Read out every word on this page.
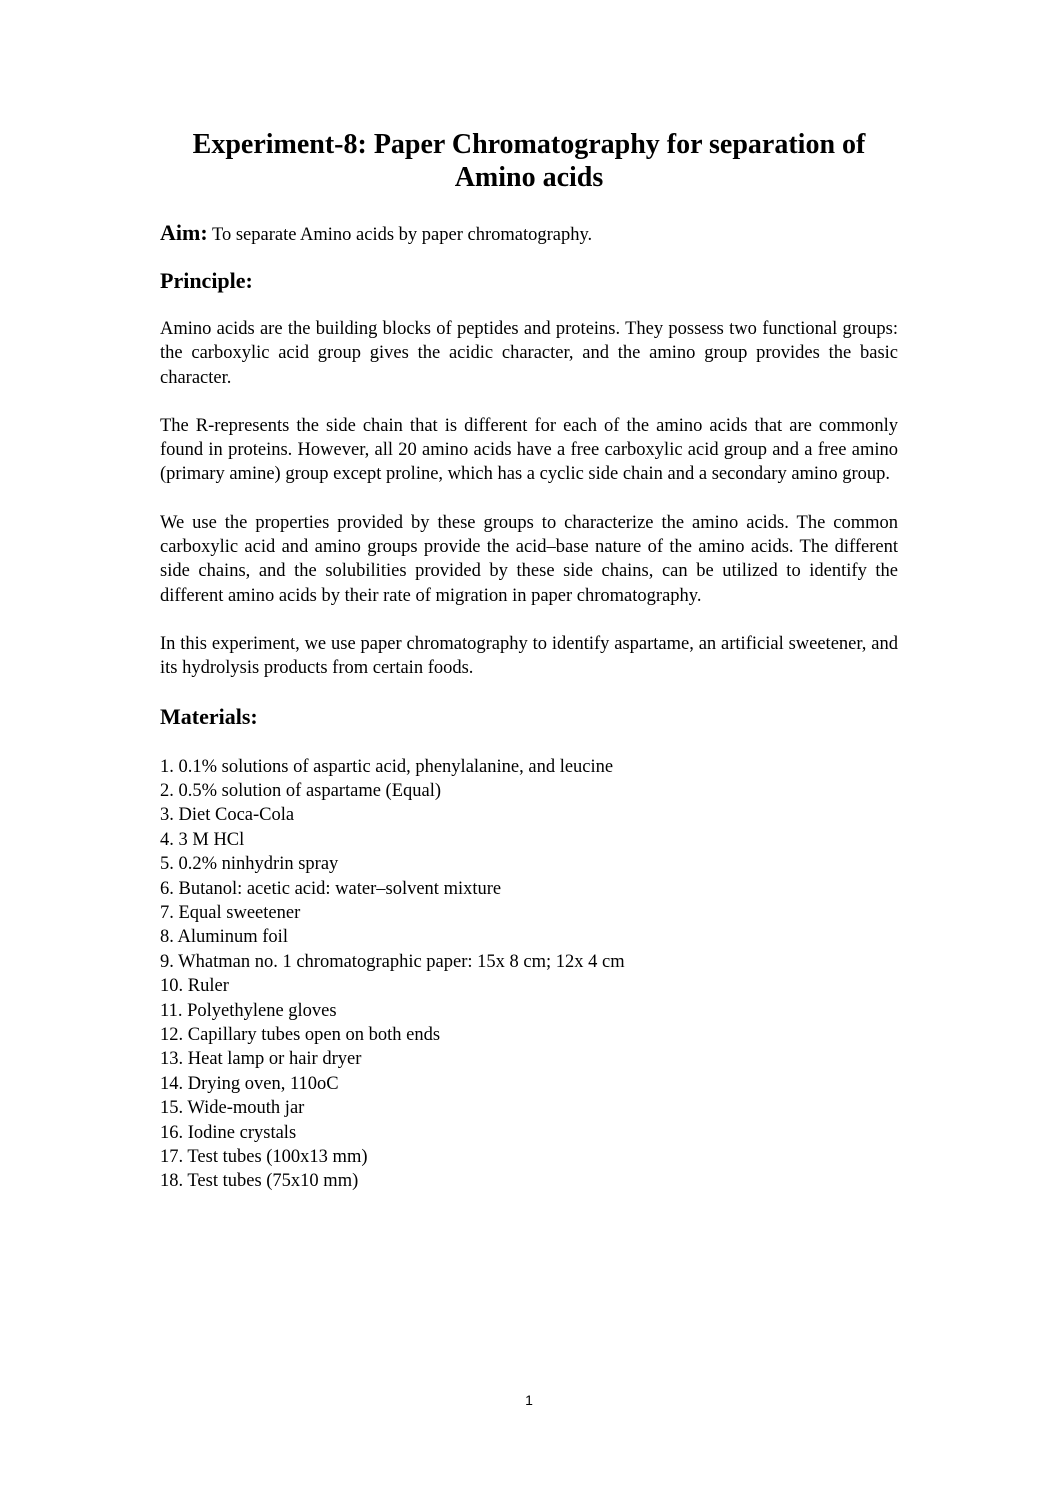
Experiment-8: Paper Chromatography for separation of
Amino acids
Aim: To separate Amino acids by paper chromatography.
Principle:

Amino acids are the building blocks of peptides and proteins. They possess two functional groups: the carboxylic acid group gives the acidic character, and the amino group provides the basic character.

The R-represents the side chain that is different for each of the amino acids that are commonly found in proteins. However, all 20 amino acids have a free carboxylic acid group and a free amino (primary amine) group except proline, which has a cyclic side chain and a secondary amino group.

We use the properties provided by these groups to characterize the amino acids. The common carboxylic acid and amino groups provide the acid–base nature of the amino acids. The different side chains, and the solubilities provided by these side chains, can be utilized to identify the different amino acids by their rate of migration in paper chromatography.

In this experiment, we use paper chromatography to identify aspartame, an artificial sweetener, and its hydrolysis products from certain foods.

Materials:
1. 0.1% solutions of aspartic acid, phenylalanine, and leucine
2. 0.5% solution of aspartame (Equal)
3. Diet Coca-Cola
4. 3 M HCl
5. 0.2% ninhydrin spray
6. Butanol: acetic acid: water–solvent mixture
7. Equal sweetener
8. Aluminum foil
9. Whatman no. 1 chromatographic paper: 15x 8 cm; 12x 4 cm
10. Ruler
11. Polyethylene gloves
12. Capillary tubes open on both ends
13. Heat lamp or hair dryer
14. Drying oven, 110oC
15. Wide-mouth jar
16. Iodine crystals
17. Test tubes (100x13 mm)
18. Test tubes (75x10 mm)
1
